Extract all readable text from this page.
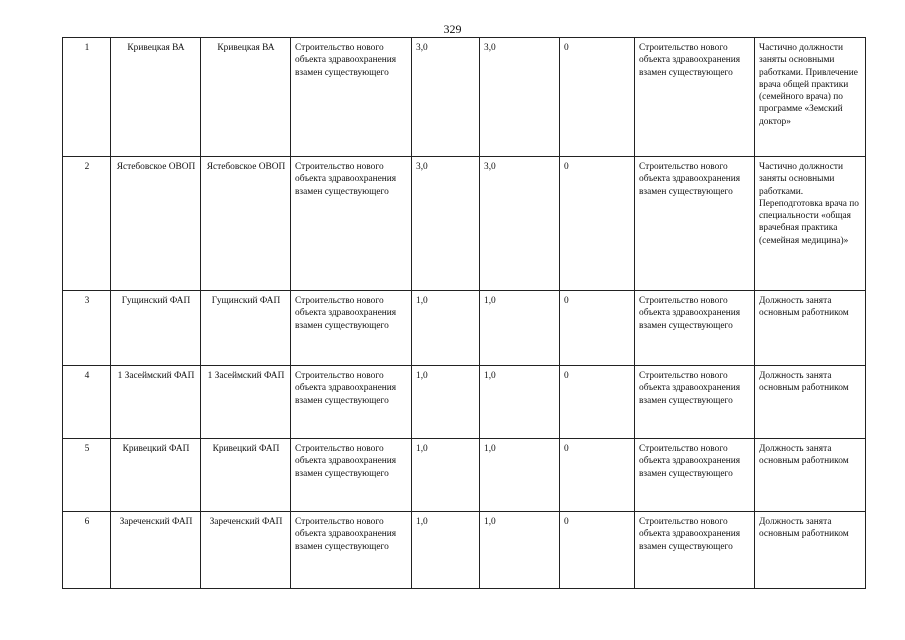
329
1	Кривецкая ВА	Кривецкая ВА	Строительство нового объекта здравоохранения взамен существующего	3,0	3,0	0	Строительство нового объекта здравоохранения взамен существующего	Частично должности заняты основными работками. Привлечение врача общей практики (семейного врача) по программе «Земский доктор»
2	Ястебовское ОВОП	Ястебовское ОВОП	Строительство нового объекта здравоохранения взамен существующего	3,0	3,0	0	Строительство нового объекта здравоохранения взамен существующего	Частично должности заняты основными работками. Переподготовка врача по специальности «общая врачебная практика (семейная медицина)»
3	Гущинский ФАП	Гущинский ФАП	Строительство нового объекта здравоохранения взамен существующего	1,0	1,0	0	Строительство нового объекта здравоохранения взамен существующего	Должность занята основным работником
4	1 Засеймский ФАП	1 Засеймский ФАП	Строительство нового объекта здравоохранения взамен существующего	1,0	1,0	0	Строительство нового объекта здравоохранения взамен существующего	Должность занята основным работником
5	Кривецкий ФАП	Кривецкий ФАП	Строительство нового объекта здравоохранения взамен существующего	1,0	1,0	0	Строительство нового объекта здравоохранения взамен существующего	Должность занята основным работником
6	Зареченский ФАП	Зареченский ФАП	Строительство нового объекта здравоохранения взамен существующего	1,0	1,0	0	Строительство нового объекта здравоохранения взамен существующего	Должность занята основным работником
